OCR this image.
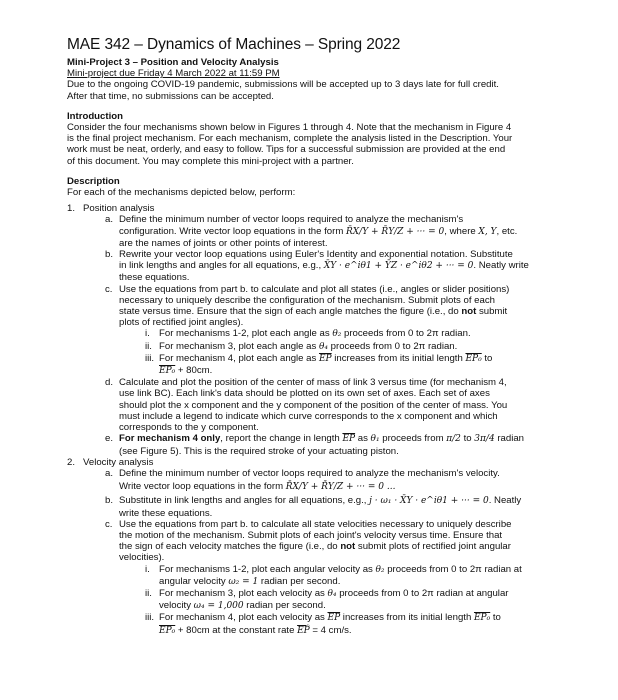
MAE 342 – Dynamics of Machines – Spring 2022
Mini-Project 3 – Position and Velocity Analysis
Mini-project due Friday 4 March 2022 at 11:59 PM
Due to the ongoing COVID-19 pandemic, submissions will be accepted up to 3 days late for full credit.
After that time, no submissions can be accepted.
Introduction
Consider the four mechanisms shown below in Figures 1 through 4. Note that the mechanism in Figure 4
is the final project mechanism. For each mechanism, complete the analysis listed in the Description. Your
work must be neat, orderly, and easy to follow. Tips for a successful submission are provided at the end
of this document. You may complete this mini-project with a partner.
Description
For each of the mechanisms depicted below, perform:
1. Position analysis
a. Define the minimum number of vector loops required to analyze the mechanism's
configuration. Write vector loop equations in the form R̄X/Y + R̄Y/Z + ··· = 0, where X, Y, etc.
are the names of joints or other points of interest.
b. Rewrite your vector loop equations using Euler's Identity and exponential notation. Substitute
in link lengths and angles for all equations, e.g., X̄Y · e^iθ1 + ȲZ · e^iθ2 + ··· = 0. Neatly write
these equations.
c. Use the equations from part b. to calculate and plot all states (i.e., angles or slider positions)
necessary to uniquely describe the configuration of the mechanism. Submit plots of each
state versus time. Ensure that the sign of each angle matches the figure (i.e., do not submit
plots of rectified joint angles).
i. For mechanisms 1-2, plot each angle as θ₂ proceeds from 0 to 2π radian.
ii. For mechanism 3, plot each angle as θ₄ proceeds from 0 to 2π radian.
iii. For mechanism 4, plot each angle as $\overline{EP}$ increases from its initial length EP₀ to
EP₀ + 80cm.
d. Calculate and plot the position of the center of mass of link 3 versus time (for mechanism 4,
use link BC). Each link's data should be plotted on its own set of axes. Each set of axes
should plot the x component and the y component of the position of the center of mass. You
must include a legend to indicate which curve corresponds to the x component and which
corresponds to the y component.
e. For mechanism 4 only, report the change in length $\overline{EP}$ as θ₁ proceeds from π/2 to 3π/4 radian
(see Figure 5). This is the required stroke of your actuating piston.
2. Velocity analysis
a. Define the minimum number of vector loops required to analyze the mechanism's velocity.
Write vector loop equations in the form R̄̇X/Y + R̄̇Y/Z + ··· = 0 ...
b. Substitute in link lengths and angles for all equations, e.g., j · ω₁ · X̄Y · e^iθ1 + ··· = 0. Neatly
write these equations.
c. Use the equations from part b. to calculate all state velocities necessary to uniquely describe
the motion of the mechanism. Submit plots of each joint's velocity versus time. Ensure that
the sign of each velocity matches the figure (i.e., do not submit plots of rectified joint angular
velocities).
i. For mechanisms 1-2, plot each angular velocity as θ₂ proceeds from 0 to 2π radian at
angular velocity ω₂ = 1 radian per second.
ii. For mechanism 3, plot each velocity as θ₄ proceeds from 0 to 2π radian at angular
velocity ω₄ = 1,000 radian per second.
iii. For mechanism 4, plot each velocity as $\overline{EP}$ increases from its initial length EP₀ to
EP₀ + 80cm at the constant rate $\overline{EṖ} = 4$ cm/s.
